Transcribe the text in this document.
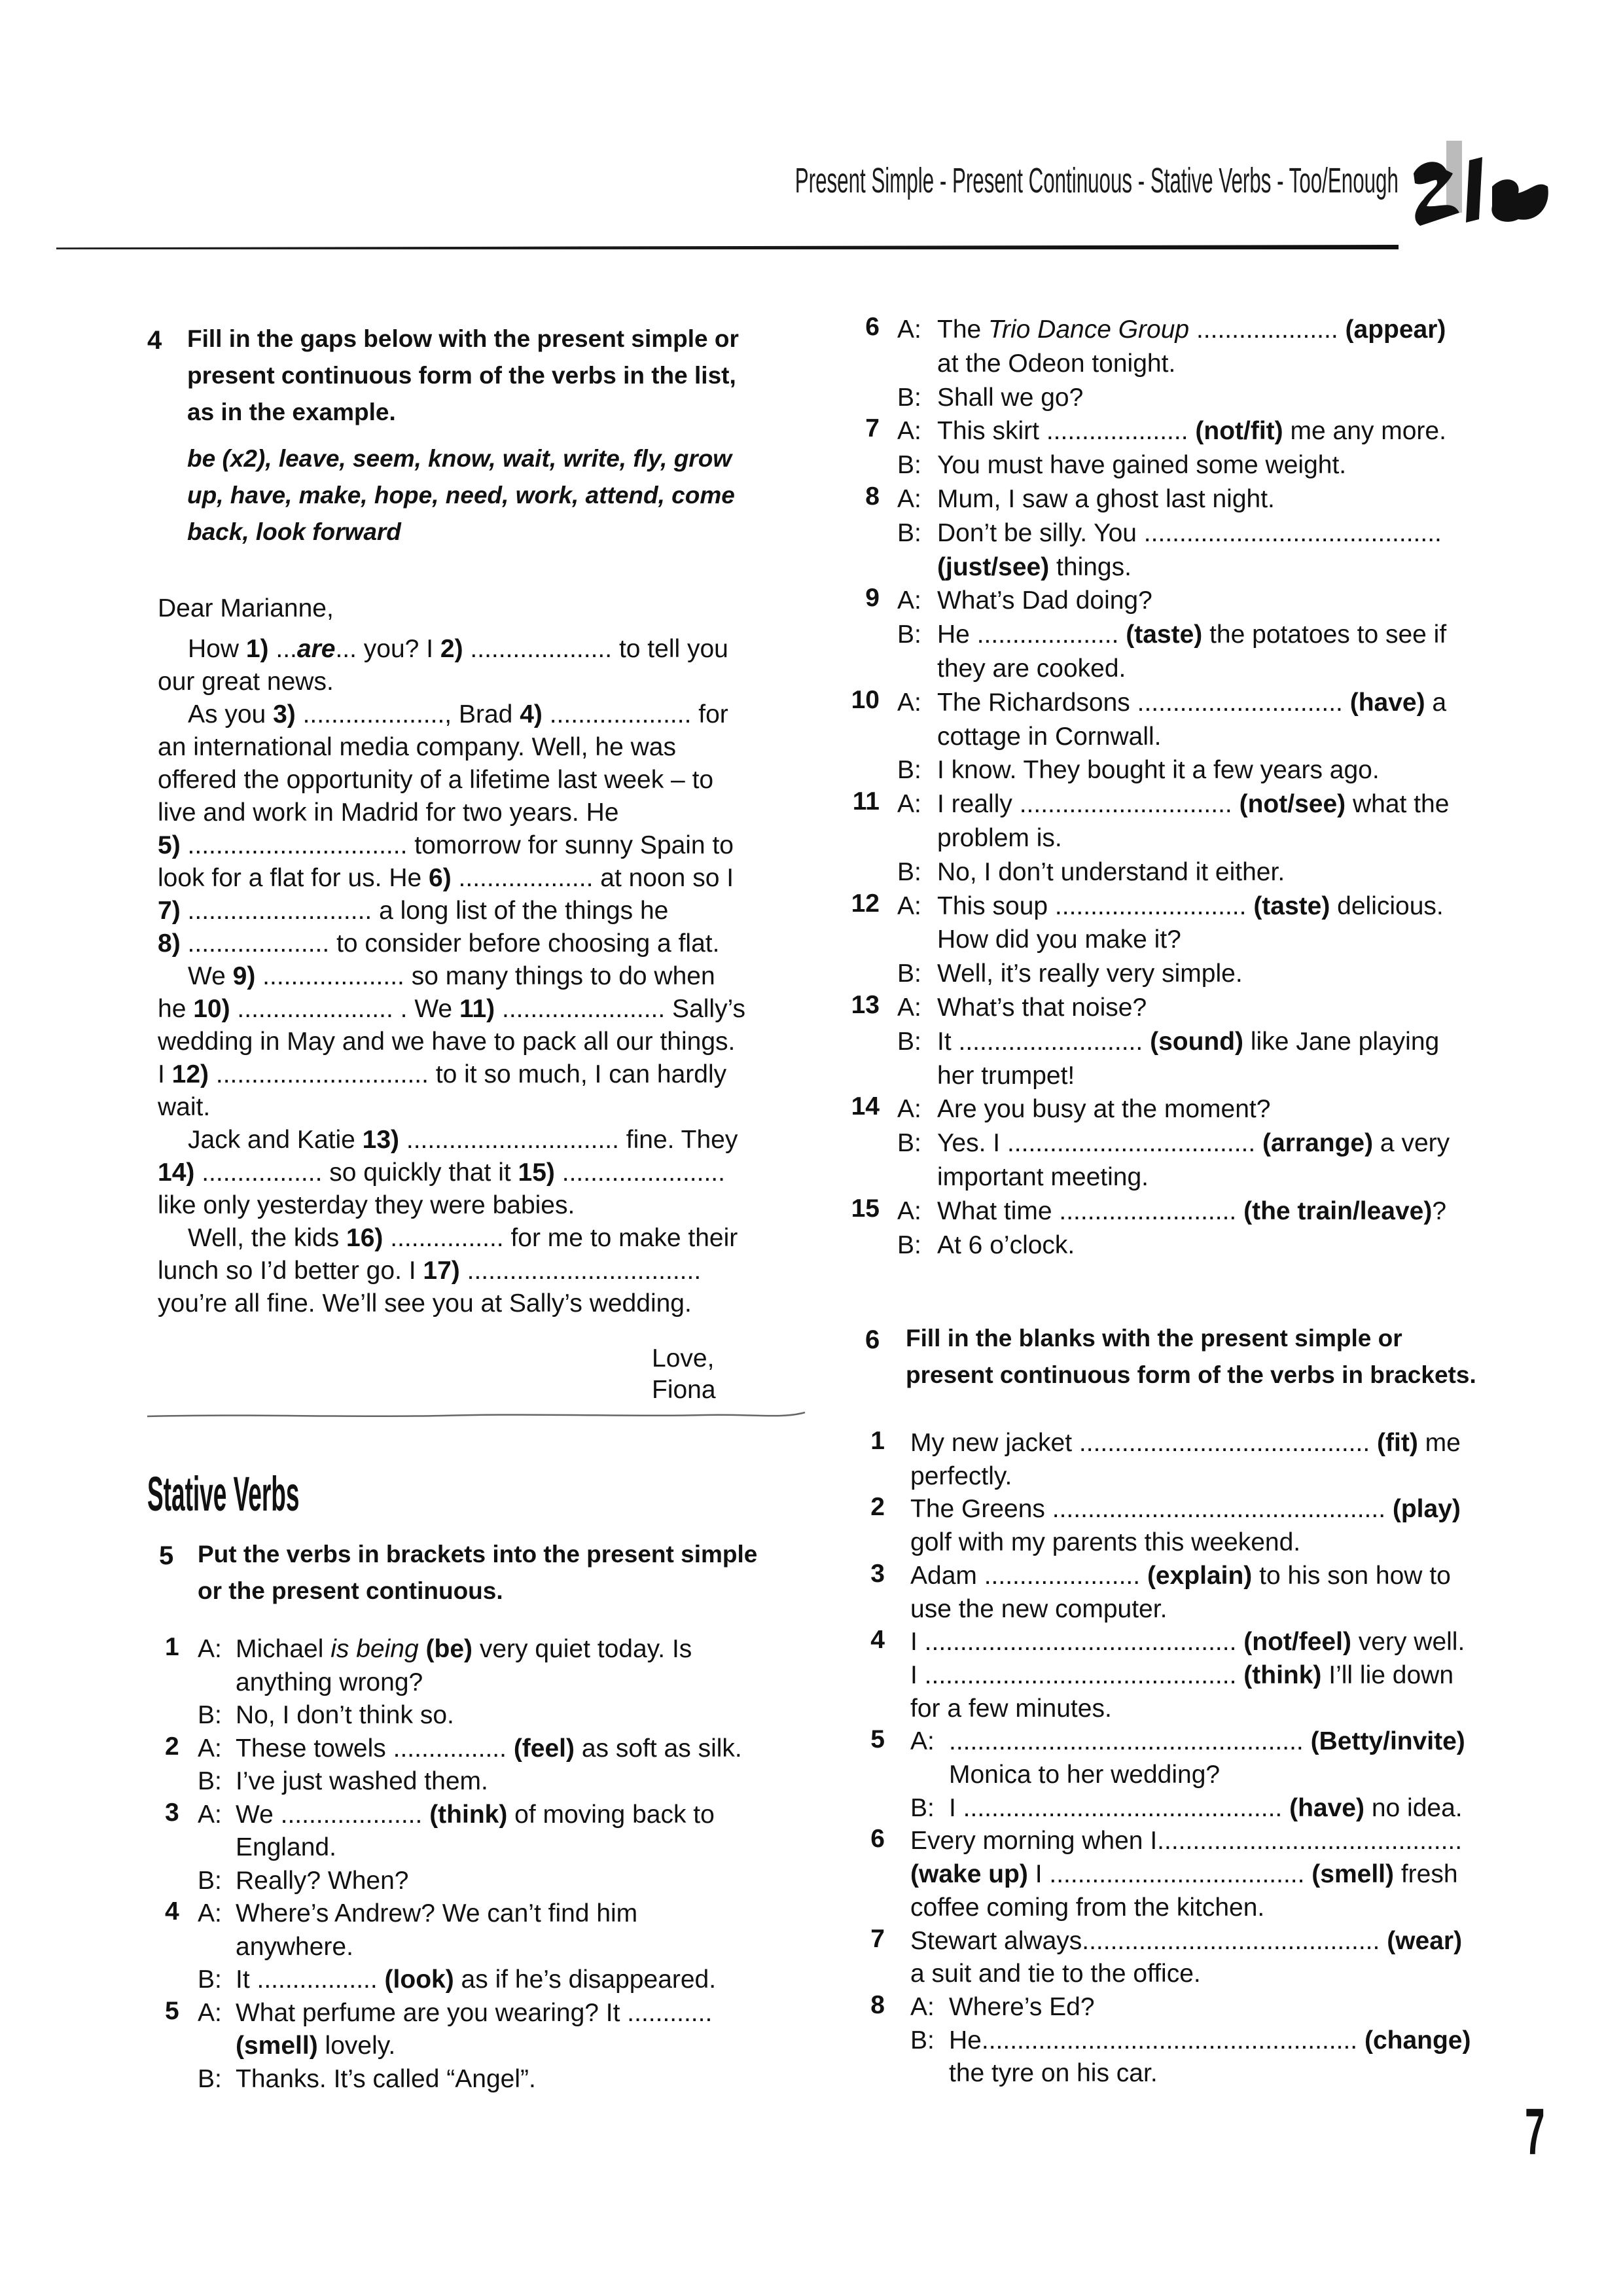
Present Simple - Present Continuous - Stative Verbs - Too/Enough
4 Fill in the gaps below with the present simple or
present continuous form of the verbs in the list,
as in the example.
be (x2), leave, seem, know, wait, write, fly, grow
up, have, make, hope, need, work, attend, come
back, look forward
Dear Marianne,
How 1) ...are... you? I 2) .................... to tell you
our great news.
As you 3) ...................., Brad 4) .................... for
an international media company. Well, he was
offered the opportunity of a lifetime last week – to
live and work in Madrid for two years. He
5) ............................... tomorrow for sunny Spain to
look for a flat for us. He 6) ................... at noon so I
7) .......................... a long list of the things he
8) .................... to consider before choosing a flat.
We 9) .................... so many things to do when
he 10) ...................... . We 11) ....................... Sally’s
wedding in May and we have to pack all our things.
I 12) .............................. to it so much, I can hardly
wait.
Jack and Katie 13) .............................. fine. They
14) ................. so quickly that it 15) .......................
like only yesterday they were babies.
Well, the kids 16) ................ for me to make their
lunch so I’d better go. I 17) .................................
you’re all fine. We’ll see you at Sally’s wedding.
Love,
Fiona
Stative Verbs
5 Put the verbs in brackets into the present simple
or the present continuous.
1 A: Michael is being (be) very quiet today. Is
anything wrong?
B: No, I don’t think so.
2 A: These towels ................ (feel) as soft as silk.
B: I’ve just washed them.
3 A: We .................... (think) of moving back to
England.
B: Really? When?
4 A: Where’s Andrew? We can’t find him
anywhere.
B: It ................. (look) as if he’s disappeared.
5 A: What perfume are you wearing? It ............
(smell) lovely.
B: Thanks. It’s called “Angel”.
6 A: The Trio Dance Group .................... (appear)
at the Odeon tonight.
B: Shall we go?
7 A: This skirt .................... (not/fit) me any more.
B: You must have gained some weight.
8 A: Mum, I saw a ghost last night.
B: Don’t be silly. You ..........................................
(just/see) things.
9 A: What’s Dad doing?
B: He .................... (taste) the potatoes to see if
they are cooked.
10 A: The Richardsons ............................. (have) a
cottage in Cornwall.
B: I know. They bought it a few years ago.
11 A: I really .............................. (not/see) what the
problem is.
B: No, I don’t understand it either.
12 A: This soup ........................... (taste) delicious.
How did you make it?
B: Well, it’s really very simple.
13 A: What’s that noise?
B: It .......................... (sound) like Jane playing
her trumpet!
14 A: Are you busy at the moment?
B: Yes. I ................................... (arrange) a very
important meeting.
15 A: What time ......................... (the train/leave)?
B: At 6 o’clock.
6 Fill in the blanks with the present simple or
present continuous form of the verbs in brackets.
1	My new jacket ......................................... (fit) me
perfectly.
2	The Greens ............................................... (play)
golf with my parents this weekend.
3	Adam ...................... (explain) to his son how to
use the new computer.
4	I ............................................ (not/feel) very well.
I ............................................ (think) I’ll lie down
for a few minutes.
5	A: .................................................. (Betty/invite)
Monica to her wedding?
B: I ............................................. (have) no idea.
6	Every morning when I...........................................
(wake up) I .................................... (smell) fresh
coffee coming from the kitchen.
7	Stewart always.......................................... (wear)
a suit and tie to the office.
8	A: Where’s Ed?
B: He..................................................... (change)
the tyre on his car.
7
